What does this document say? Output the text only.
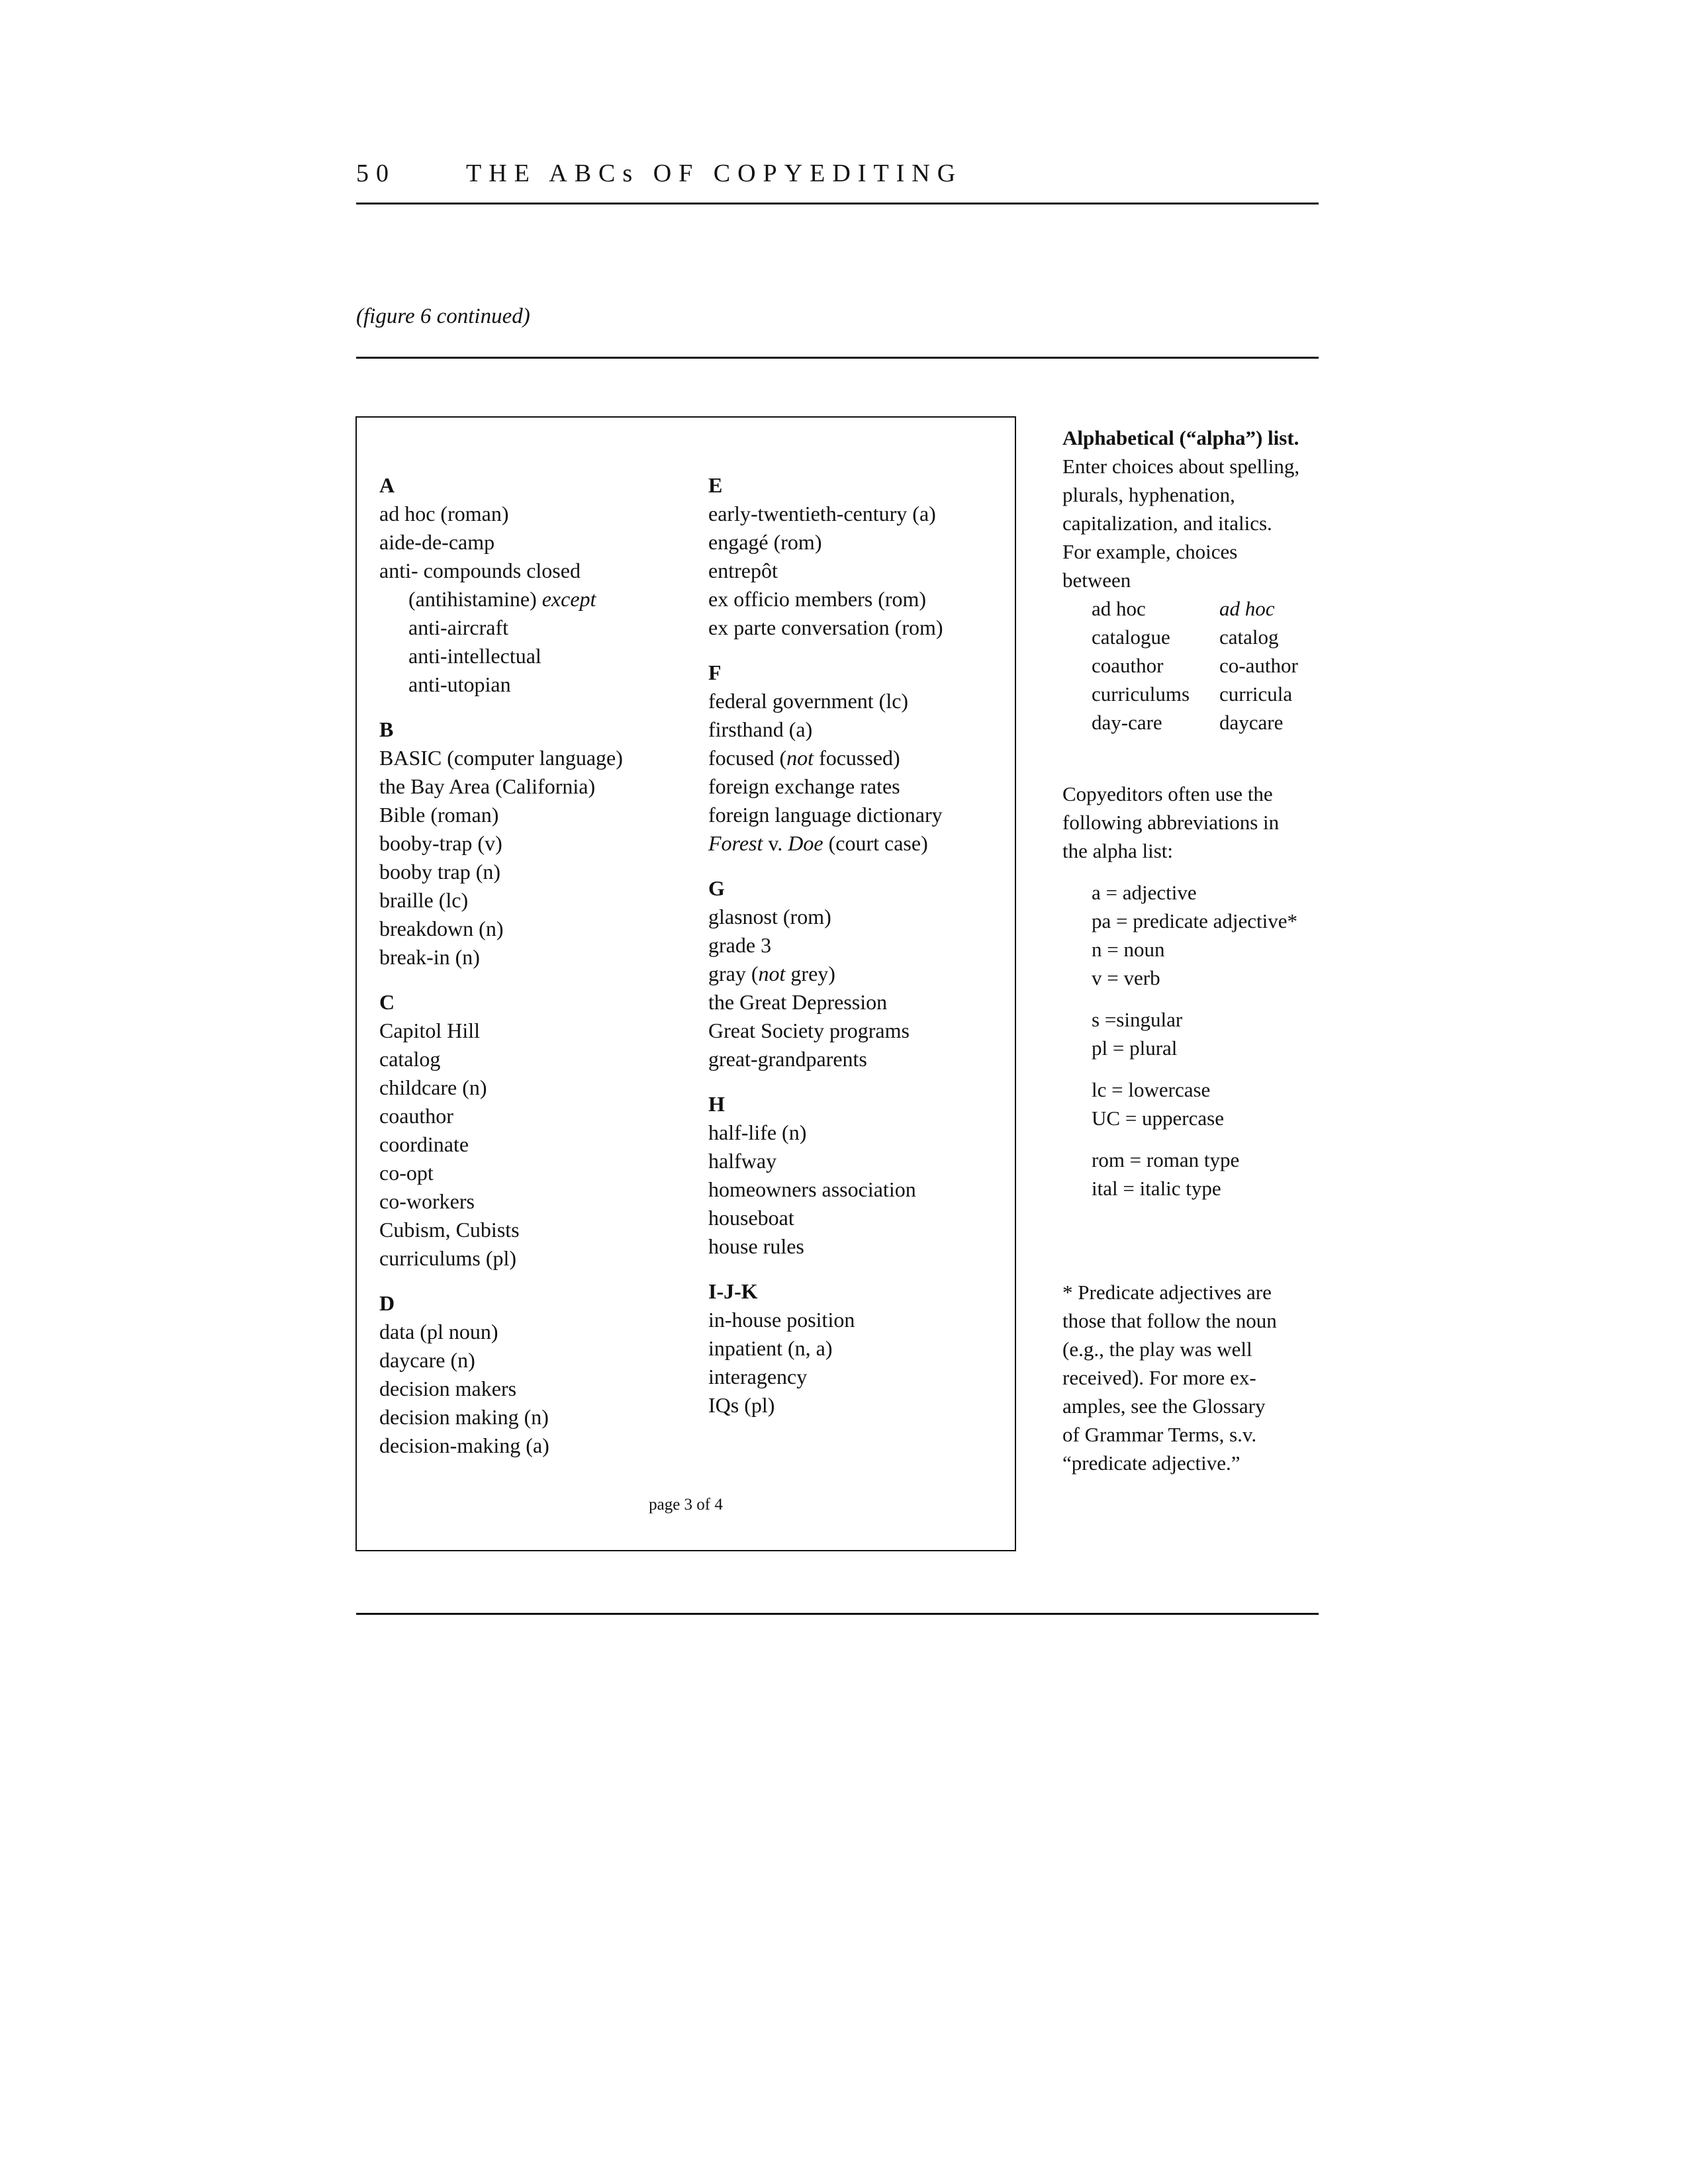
50	THE ABCs OF COPYEDITING
(figure 6 continued)
A
ad hoc (roman)
aide-de-camp
anti- compounds closed
(antihistamine) except
anti-aircraft
anti-intellectual
anti-utopian
B
BASIC (computer language)
the Bay Area (California)
Bible (roman)
booby-trap (v)
booby trap (n)
braille (lc)
breakdown (n)
break-in (n)
C
Capitol Hill
catalog
childcare (n)
coauthor
coordinate
co-opt
co-workers
Cubism, Cubists
curriculums (pl)
D
data (pl noun)
daycare (n)
decision makers
decision making (n)
decision-making (a)
E
early-twentieth-century (a)
engagé (rom)
entrepôt
ex officio members (rom)
ex parte conversation (rom)
F
federal government (lc)
firsthand (a)
focused (not focussed)
foreign exchange rates
foreign language dictionary
Forest v. Doe (court case)
G
glasnost (rom)
grade 3
gray (not grey)
the Great Depression
Great Society programs
great-grandparents
H
half-life (n)
halfway
homeowners association
houseboat
house rules
I-J-K
in-house position
inpatient (n, a)
interagency
IQs (pl)
page 3 of 4
Alphabetical (“alpha”) list.
Enter choices about spelling,
plurals, hyphenation,
capitalization, and italics.
For example, choices
between
ad hoc	ad hoc
catalogue	catalog
coauthor	co-author
curriculums	curricula
day-care	daycare
Copyeditors often use the
following abbreviations in
the alpha list:
a = adjective
pa = predicate adjective*
n = noun
v = verb
s =singular
pl = plural
lc = lowercase
UC = uppercase
rom = roman type
ital = italic type
* Predicate adjectives are
those that follow the noun
(e.g., the play was well
received). For more ex-
amples, see the Glossary
of Grammar Terms, s.v.
“predicate adjective.”
